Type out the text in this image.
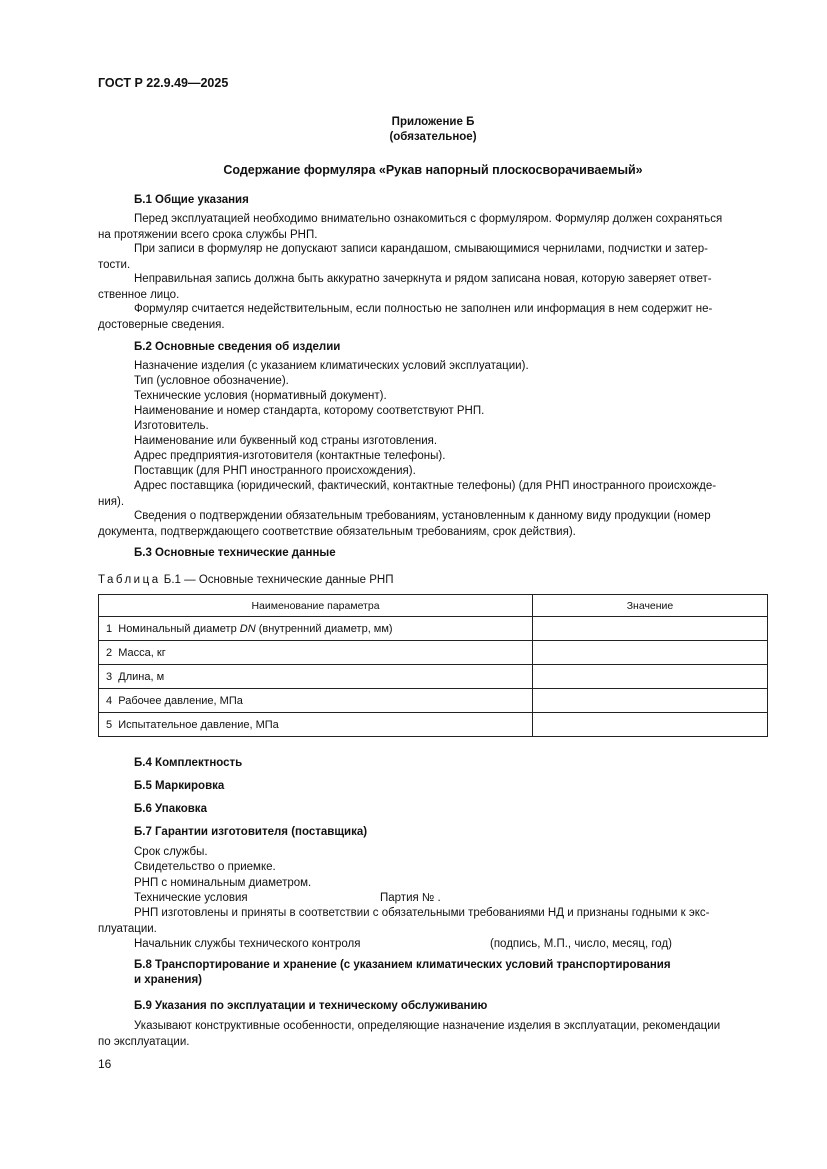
ГОСТ Р 22.9.49—2025
Приложение Б
(обязательное)
Содержание формуляра «Рукав напорный плоскосворачиваемый»
Б.1 Общие указания
Перед эксплуатацией необходимо внимательно ознакомиться с формуляром. Формуляр должен сохраняться
на протяжении всего срока службы РНП.
При записи в формуляр не допускают записи карандашом, смывающимися чернилами, подчистки и затер-
тости.
Неправильная запись должна быть аккуратно зачеркнута и рядом записана новая, которую заверяет ответ-
ственное лицо.
Формуляр считается недействительным, если полностью не заполнен или информация в нем содержит не-
достоверные сведения.
Б.2 Основные сведения об изделии
Назначение изделия (с указанием климатических условий эксплуатации).
Тип (условное обозначение).
Технические условия (нормативный документ).
Наименование и номер стандарта, которому соответствуют РНП.
Изготовитель.
Наименование или буквенный код страны изготовления.
Адрес предприятия-изготовителя (контактные телефоны).
Поставщик (для РНП иностранного происхождения).
Адрес поставщика (юридический, фактический, контактные телефоны) (для РНП иностранного происхожде-
ния).
Сведения о подтверждении обязательным требованиям, установленным к данному виду продукции (номер
документа, подтверждающего соответствие обязательным требованиям, срок действия).
Б.3 Основные технические данные
Таблица Б.1 — Основные технические данные РНП
Наименование параметра	Значение
1 Номинальный диаметр DN (внутренний диаметр, мм)	
2 Масса, кг	
3 Длина, м	
4 Рабочее давление, МПа	
5 Испытательное давление, МПа	
Б.4 Комплектность
Б.5 Маркировка
Б.6 Упаковка
Б.7 Гарантии изготовителя (поставщика)
Срок службы.
Свидетельство о приемке.
РНП с номинальным диаметром.
Технические условия	Партия № .
РНП изготовлены и приняты в соответствии с обязательными требованиями НД и признаны годными к экс-
плуатации.
Начальник службы технического контроля	(подпись, М.П., число, месяц, год)
Б.8 Транспортирование и хранение (с указанием климатических условий транспортирования
и хранения)
Б.9 Указания по эксплуатации и техническому обслуживанию
Указывают конструктивные особенности, определяющие назначение изделия в эксплуатации, рекомендации
по эксплуатации.
16
